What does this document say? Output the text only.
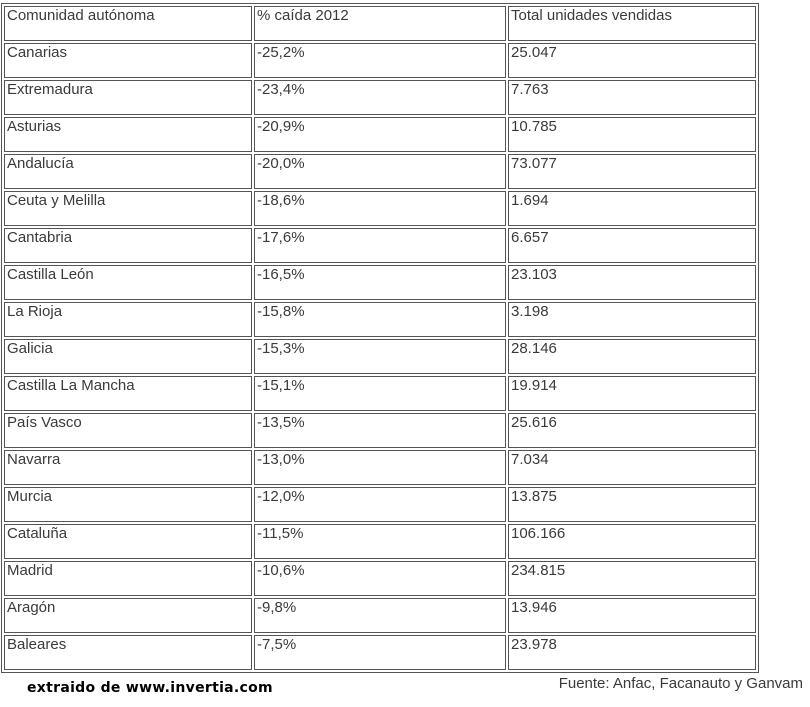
Comunidad autónoma	% caída 2012	Total unidades vendidas
Canarias	-25,2%	25.047
Extremadura	-23,4%	7.763
Asturias	-20,9%	10.785
Andalucía	-20,0%	73.077
Ceuta y Melilla	-18,6%	1.694
Cantabria	-17,6%	6.657
Castilla León	-16,5%	23.103
La Rioja	-15,8%	3.198
Galicia	-15,3%	28.146
Castilla La Mancha	-15,1%	19.914
País Vasco	-13,5%	25.616
Navarra	-13,0%	7.034
Murcia	-12,0%	13.875
Cataluña	-11,5%	106.166
Madrid	-10,6%	234.815
Aragón	-9,8%	13.946
Baleares	-7,5%	23.978
extraido de www.invertia.com	Fuente: Anfac, Facanauto y Ganvam
